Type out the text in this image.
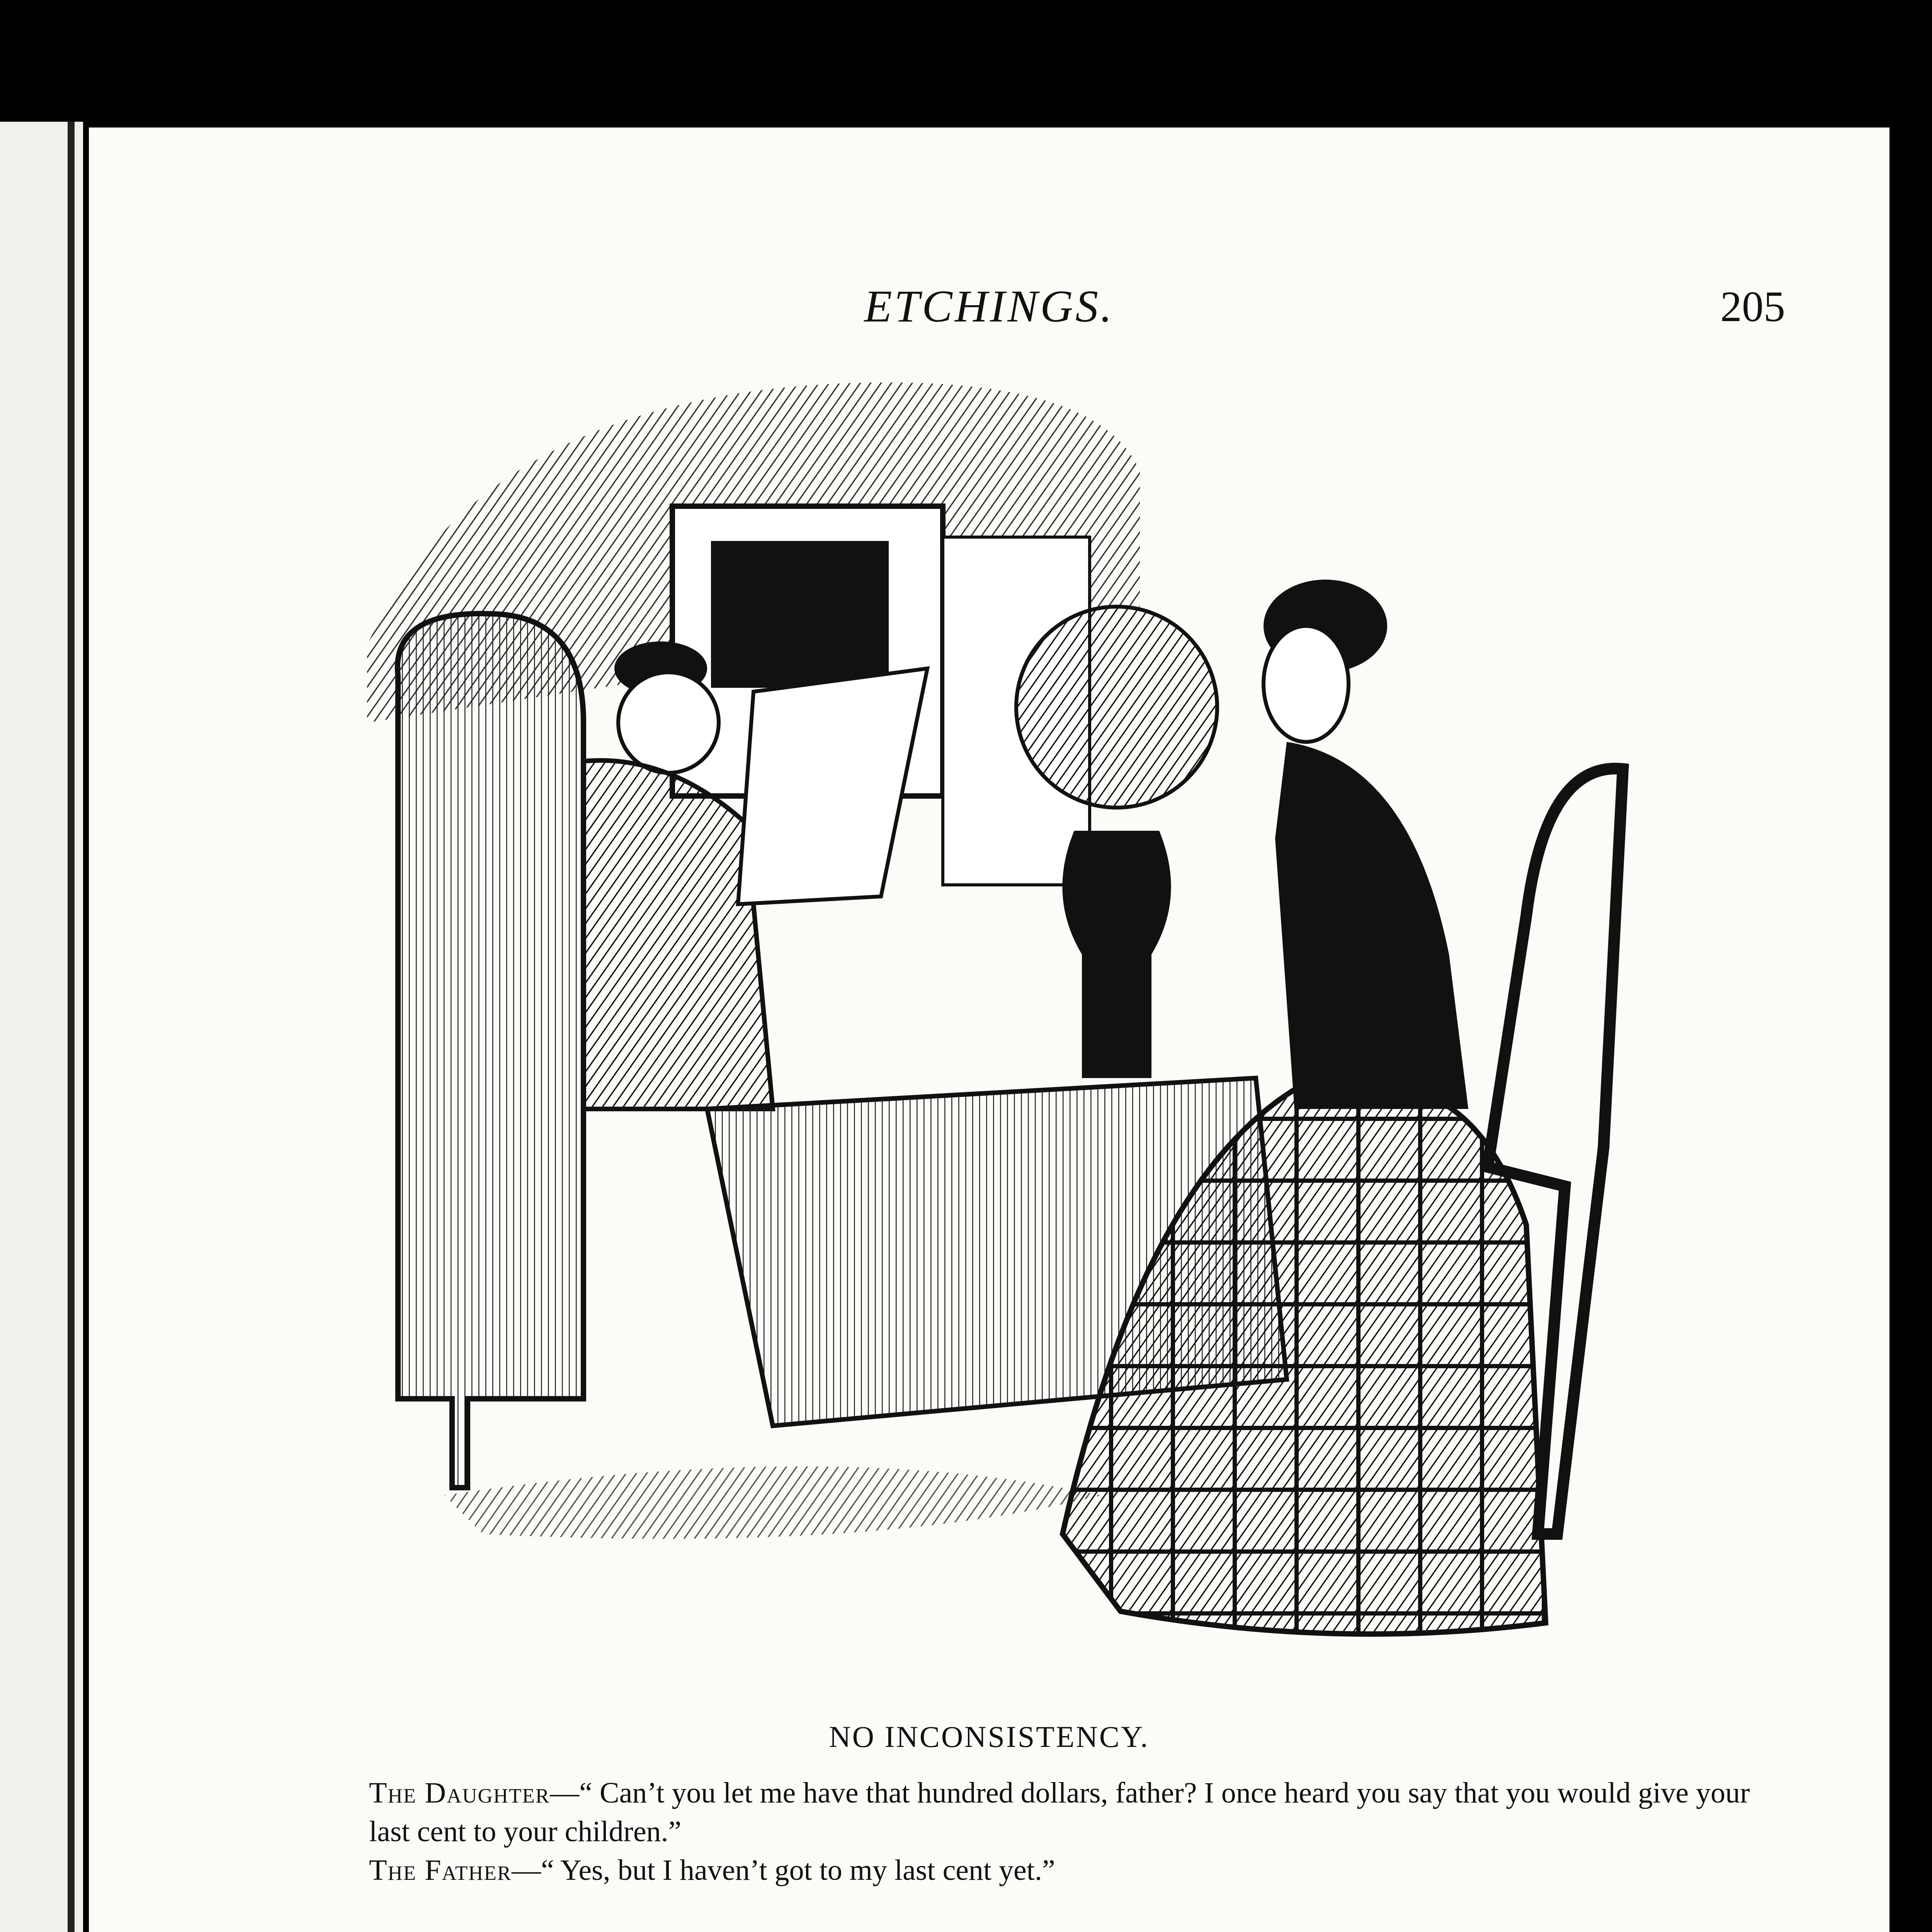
ETCHINGS.	205
NO INCONSISTENCY.

The Daughter—“ Can’t you let me have that hundred dollars, father? I once heard you say that you would give your last cent to your children.”

The Father—“ Yes, but I haven’t got to my last cent yet.”
